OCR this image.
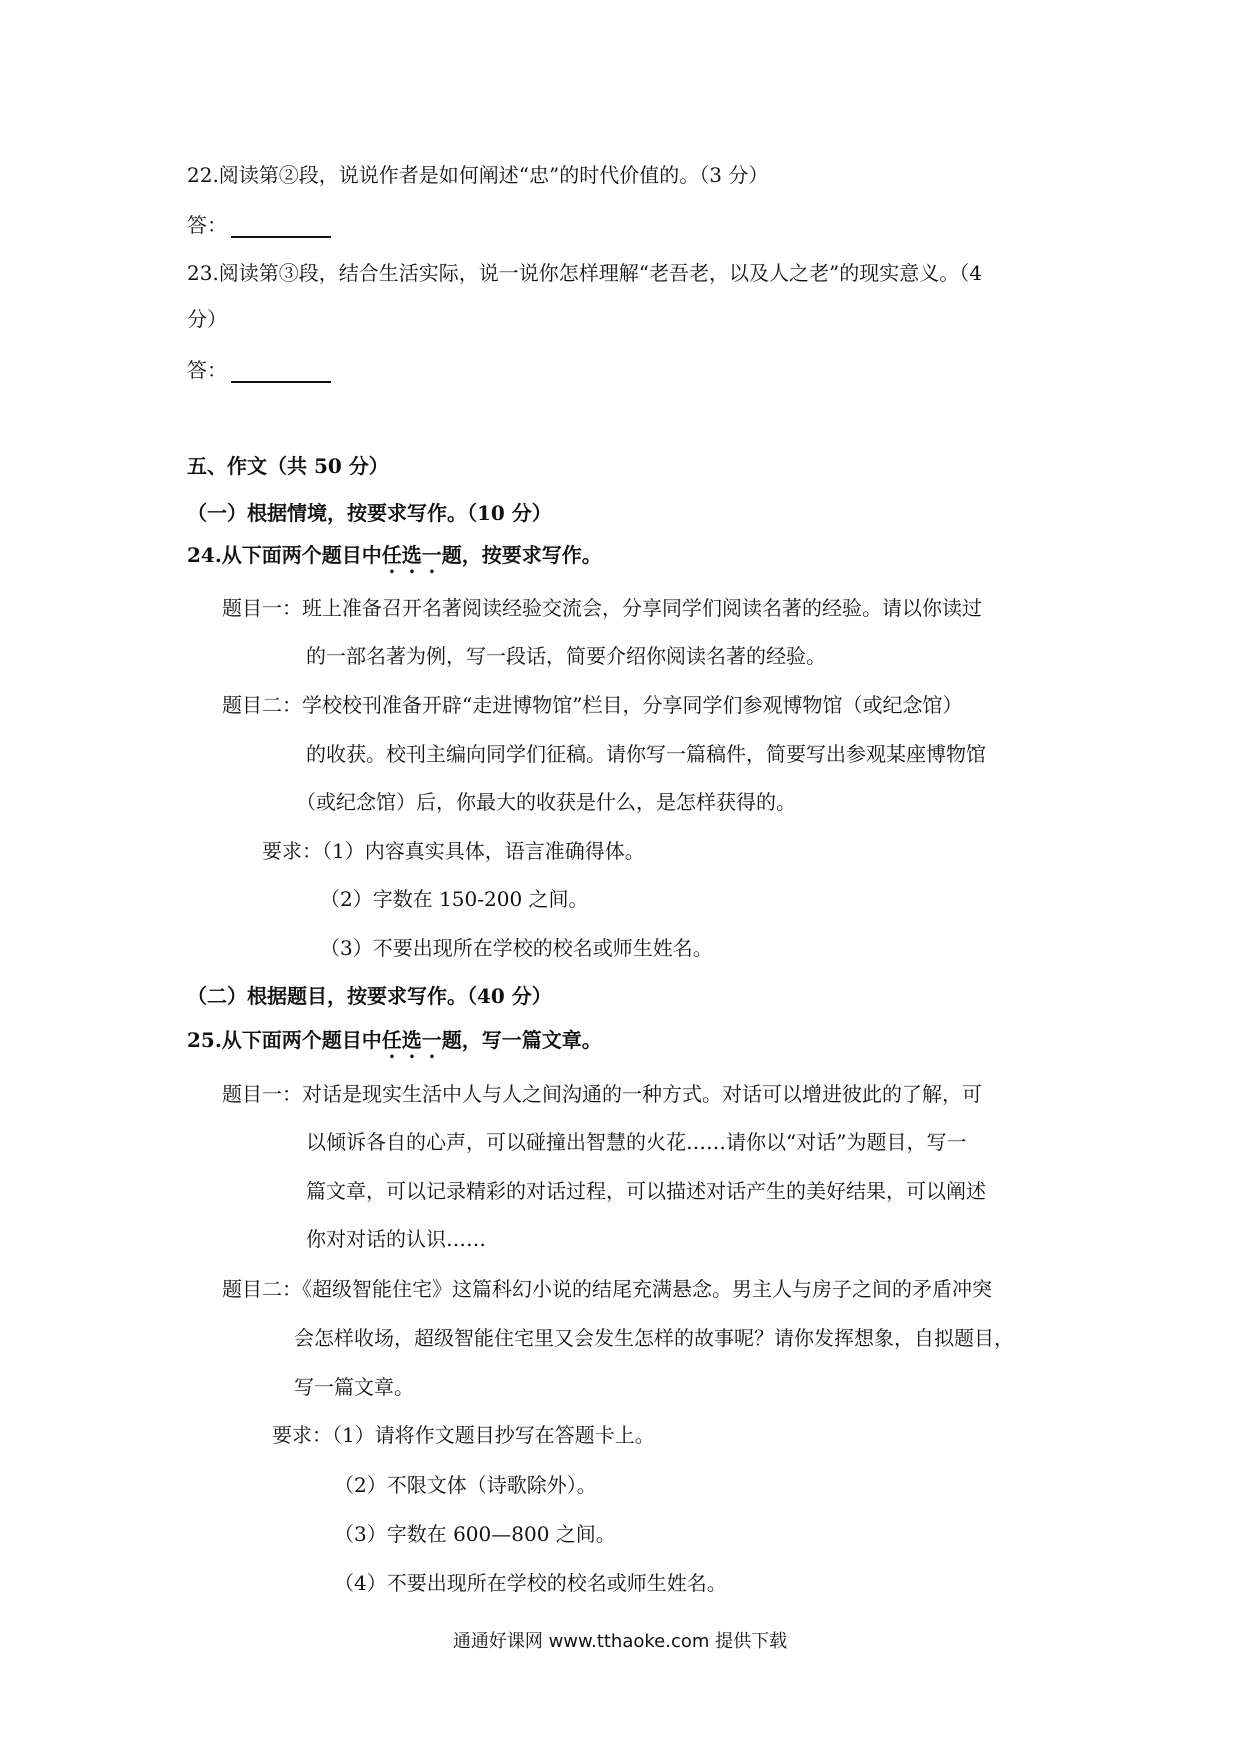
22.阅读第②段，说说作者是如何阐述“忠”的时代价值的。（3 分）
答：
23.阅读第③段，结合生活实际，说一说你怎样理解“老吾老，以及人之老”的现实意义。（4
分）
答：
五、作文（共 50 分）
（一）根据情境，按要求写作。（10 分）
24.从下面两个题目中任选一题，按要求写作。
题目一：班上准备召开名著阅读经验交流会，分享同学们阅读名著的经验。请以你读过
的一部名著为例，写一段话，简要介绍你阅读名著的经验。
题目二：学校校刊准备开辟“走进博物馆”栏目，分享同学们参观博物馆（或纪念馆）
的收获。校刊主编向同学们征稿。请你写一篇稿件，简要写出参观某座博物馆
（或纪念馆）后，你最大的收获是什么，是怎样获得的。
要求：（1）内容真实具体，语言准确得体。
（2）字数在 150-200 之间。
（3）不要出现所在学校的校名或师生姓名。
（二）根据题目，按要求写作。（40 分）
25.从下面两个题目中任选一题，写一篇文章。
题目一：对话是现实生活中人与人之间沟通的一种方式。对话可以增进彼此的了解，可
以倾诉各自的心声，可以碰撞出智慧的火花……请你以“对话”为题目，写一
篇文章，可以记录精彩的对话过程，可以描述对话产生的美好结果，可以阐述
你对对话的认识……
题目二：《超级智能住宅》这篇科幻小说的结尾充满悬念。男主人与房子之间的矛盾冲突
会怎样收场，超级智能住宅里又会发生怎样的故事呢？请你发挥想象，自拟题目，
写一篇文章。
要求：（1）请将作文题目抄写在答题卡上。
（2）不限文体（诗歌除外）。
（3）字数在 600—800 之间。
（4）不要出现所在学校的校名或师生姓名。
通通好课网 www.tthaoke.com 提供下载
